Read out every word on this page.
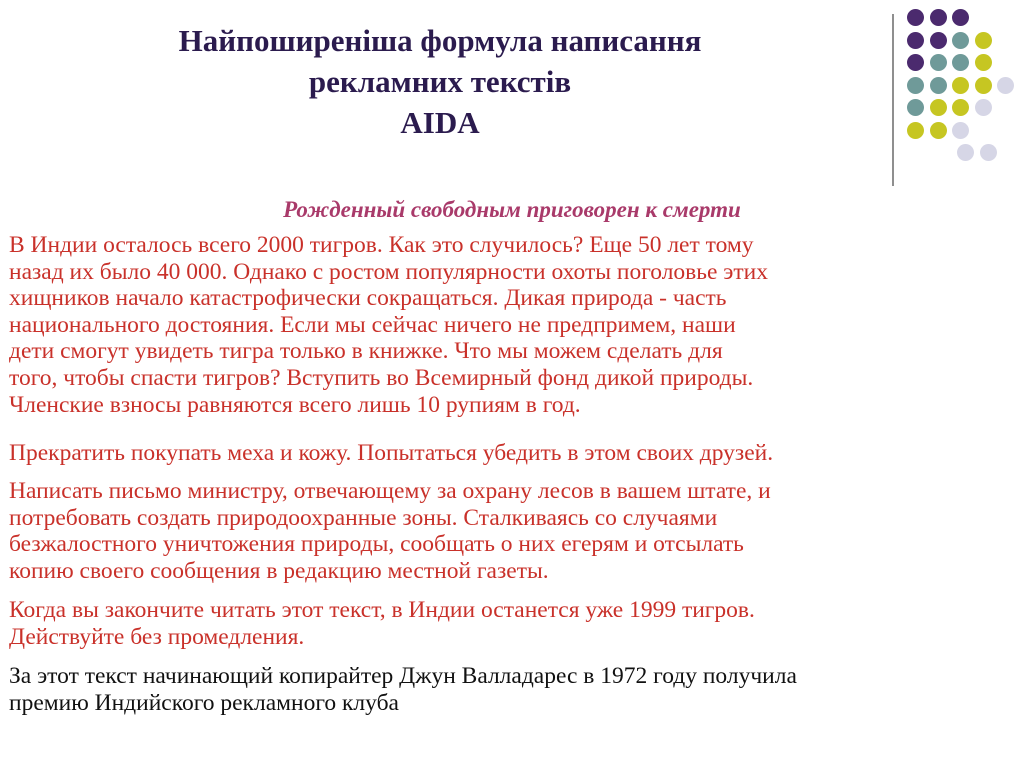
Найпоширеніша формула написання
рекламних текстів
AIDA
Рожденный свободным приговорен к смерти

В Индии осталось всего 2000 тигров. Как это случилось? Еще 50 лет тому
назад их было 40 000. Однако с ростом популярности охоты поголовье этих
хищников начало катастрофически сокращаться. Дикая природа - часть
национального достояния. Если мы сейчас ничего не предпримем, наши
дети смогут увидеть тигра только в книжке. Что мы можем сделать для
того, чтобы спасти тигров? Вступить во Всемирный фонд дикой природы.
Членские взносы равняются всего лишь 10 рупиям в год.

Прекратить покупать меха и кожу. Попытаться убедить в этом своих друзей.

Написать письмо министру, отвечающему за охрану лесов в вашем штате, и
потребовать создать природоохранные зоны. Сталкиваясь со случаями
безжалостного уничтожения природы, сообщать о них егерям и отсылать
копию своего сообщения в редакцию местной газеты.

Когда вы закончите читать этот текст, в Индии останется уже 1999 тигров.
Действуйте без промедления.

За этот текст начинающий копирайтер Джун Валладарес в 1972 году получила
премию Индийского рекламного клуба
